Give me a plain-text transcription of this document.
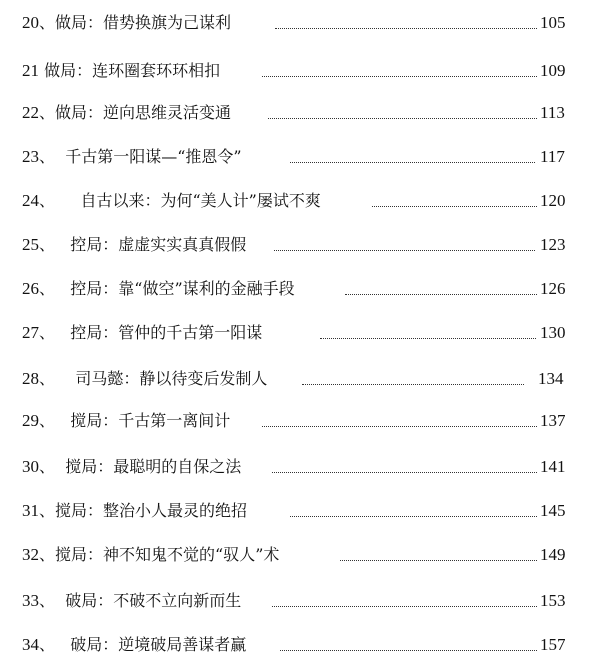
20、做局：借势换旗为己谋利	105
21 做局：连环圈套环环相扣	109
22、做局：逆向思维灵活变通	113
23、 千古第一阳谋—“推恩令”	117
24、 自古以来：为何“美人计”屡试不爽	120
25、 控局：虚虚实实真真假假	123
26、 控局：靠“做空”谋利的金融手段	126
27、 控局：管仲的千古第一阳谋	130
28、 司马懿：静以待变后发制人	134
29、 搅局：千古第一离间计	137
30、 搅局：最聪明的自保之法	141
31、搅局：整治小人最灵的绝招	145
32、搅局：神不知鬼不觉的“驭人”术	149
33、 破局：不破不立向新而生	153
34、 破局：逆境破局善谋者赢	157
